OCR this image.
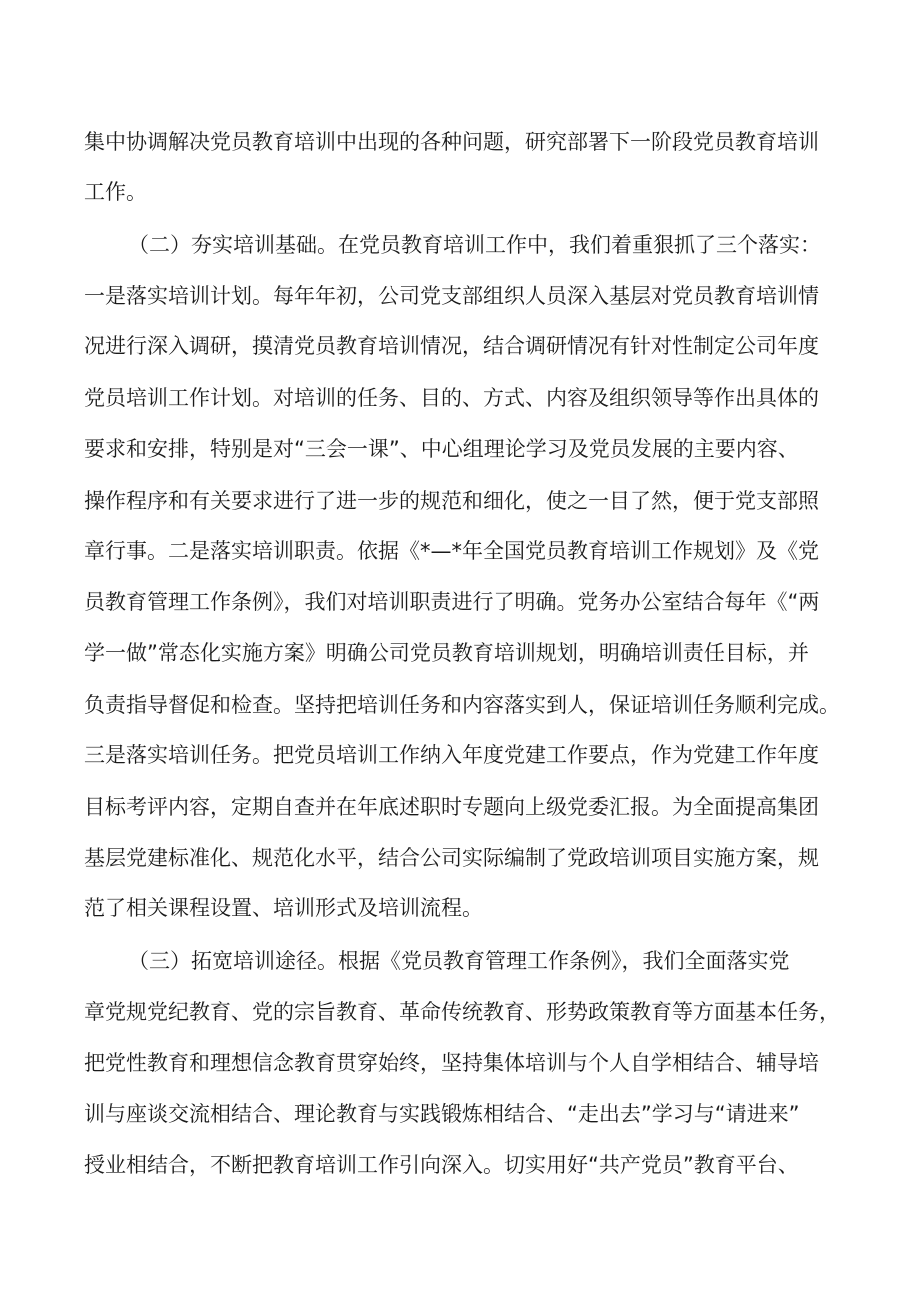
集中协调解决党员教育培训中出现的各种问题，研究部署下一阶段党员教育培训
工作。
（二）夯实培训基础。在党员教育培训工作中，我们着重狠抓了三个落实：
一是落实培训计划。每年年初，公司党支部组织人员深入基层对党员教育培训情
况进行深入调研，摸清党员教育培训情况，结合调研情况有针对性制定公司年度
党员培训工作计划。对培训的任务、目的、方式、内容及组织领导等作出具体的
要求和安排，特别是对“三会一课”、中心组理论学习及党员发展的主要内容、
操作程序和有关要求进行了进一步的规范和细化，使之一目了然，便于党支部照
章行事。二是落实培训职责。依据《*—*年全国党员教育培训工作规划》及《党
员教育管理工作条例》，我们对培训职责进行了明确。党务办公室结合每年《“两
学一做”常态化实施方案》明确公司党员教育培训规划，明确培训责任目标，并
负责指导督促和检查。坚持把培训任务和内容落实到人，保证培训任务顺利完成。
三是落实培训任务。把党员培训工作纳入年度党建工作要点，作为党建工作年度
目标考评内容，定期自查并在年底述职时专题向上级党委汇报。为全面提高集团
基层党建标准化、规范化水平，结合公司实际编制了党政培训项目实施方案，规
范了相关课程设置、培训形式及培训流程。
（三）拓宽培训途径。根据《党员教育管理工作条例》，我们全面落实党
章党规党纪教育、党的宗旨教育、革命传统教育、形势政策教育等方面基本任务，
把党性教育和理想信念教育贯穿始终，坚持集体培训与个人自学相结合、辅导培
训与座谈交流相结合、理论教育与实践锻炼相结合、“走出去”学习与“请进来”
授业相结合，不断把教育培训工作引向深入。切实用好“共产党员”教育平台、
